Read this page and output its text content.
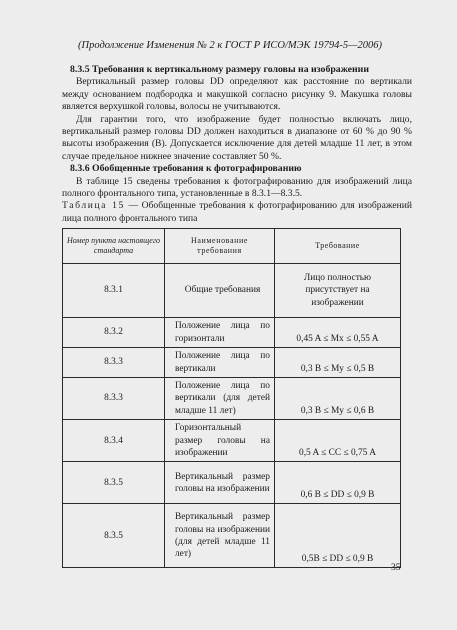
(Продолжение Изменения № 2 к ГОСТ Р ИСО/МЭК 19794-5—2006)
8.3.5 Требования к вертикальному размеру головы на изображении

Вертикальный размер головы DD определяют как расстояние по вертикали между основанием подбородка и макушкой согласно рисунку 9. Макушка головы является верхушкой головы, волосы не учитываются.

Для гарантии того, что изображение будет полностью включать лицо, вертикальный размер головы DD должен находиться в диапазоне от 60 % до 90 % высоты изображения (B). Допускается исключение для детей младше 11 лет, в этом случае предельное нижнее значение составляет 50 %.

8.3.6 Обобщенные требования к фотографированию

В таблице 15 сведены требования к фотографированию для изображений лица полного фронтального типа, установленные в 8.3.1—8.3.5.

Таблица 15 — Обобщенные требования к фотографированию для изображений лица полного фронтального типа

Номер пункта настоящего стандарта	Наименование требования	Требование
8.3.1	Общие требования	Лицо полностью присутствует на изображении
8.3.2	Положение лица по горизонтали	0,45 A ≤ Mx ≤ 0,55 A
8.3.3	Положение лица по вертикали	0,3 B ≤ My ≤ 0,5 B
8.3.3	Положение лица по вертикали (для детей младше 11 лет)	0,3 B ≤ My ≤ 0,6 B
8.3.4	Горизонтальный размер головы на изображении	0,5 A ≤ CC ≤ 0,75 A
8.3.5	Вертикальный размер головы на изображении	0,6 B ≤ DD ≤ 0,9 B
8.3.5	Вертикальный размер головы на изображении (для детей младше 11 лет)	0,5B ≤ DD ≤ 0,9 B
35
